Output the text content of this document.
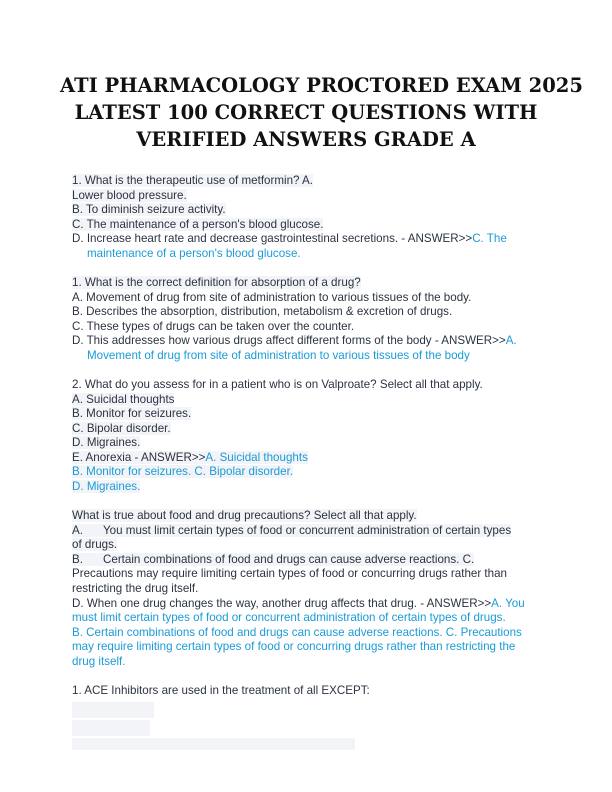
ATI PHARMACOLOGY PROCTORED EXAM 2025
LATEST 100 CORRECT QUESTIONS WITH
VERIFIED ANSWERS GRADE A
1. What is the therapeutic use of metformin? A.
Lower blood pressure.
B. To diminish seizure activity.
C. The maintenance of a person's blood glucose.
D. Increase heart rate and decrease gastrointestinal secretions. - ANSWER>>C. The
maintenance of a person's blood glucose.
1. What is the correct definition for absorption of a drug?
A. Movement of drug from site of administration to various tissues of the body.
B. Describes the absorption, distribution, metabolism & excretion of drugs.
C. These types of drugs can be taken over the counter.
D. This addresses how various drugs affect different forms of the body - ANSWER>>A.
Movement of drug from site of administration to various tissues of the body
2. What do you assess for in a patient who is on Valproate? Select all that apply.
A. Suicidal thoughts
B. Monitor for seizures.
C. Bipolar disorder.
D. Migraines.
E. Anorexia - ANSWER>>A. Suicidal thoughts
B. Monitor for seizures. C. Bipolar disorder.
D. Migraines.
What is true about food and drug precautions? Select all that apply.
A. You must limit certain types of food or concurrent administration of certain types
of drugs.
B. Certain combinations of food and drugs can cause adverse reactions. C.
Precautions may require limiting certain types of food or concurring drugs rather than
restricting the drug itself.
D. When one drug changes the way, another drug affects that drug. - ANSWER>>A. You
must limit certain types of food or concurrent administration of certain types of drugs.
B. Certain combinations of food and drugs can cause adverse reactions. C. Precautions
may require limiting certain types of food or concurring drugs rather than restricting the
drug itself.
1. ACE Inhibitors are used in the treatment of all EXCEPT:
